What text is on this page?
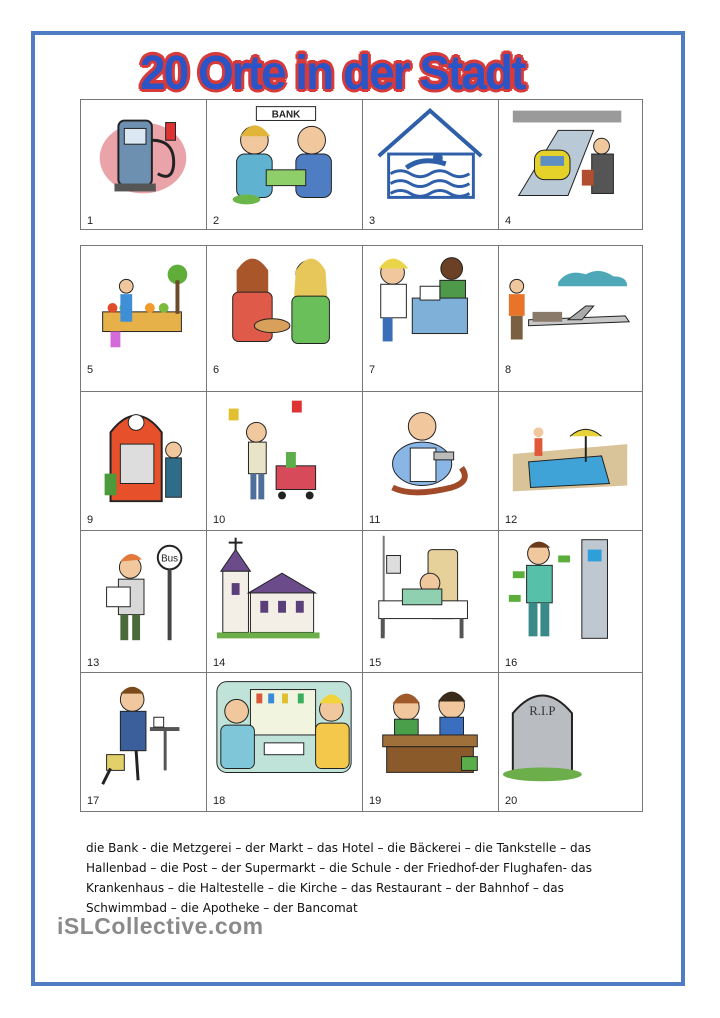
20 Orte in der Stadt
1
BANK
2	3	4
5	6	7	8
9	10	11	12
Bus
13	14	15	16
17	18	19
R.I.P
20
die Bank - die Metzgerei – der Markt – das Hotel – die Bäckerei – die Tankstelle – das
Hallenbad – die Post – der Supermarkt – die Schule - der Friedhof-der Flughafen- das
Krankenhaus – die Haltestelle – die Kirche – das Restaurant – der Bahnhof – das
Schwimmbad – die Apotheke – der Bancomat
iSLCollective.com
